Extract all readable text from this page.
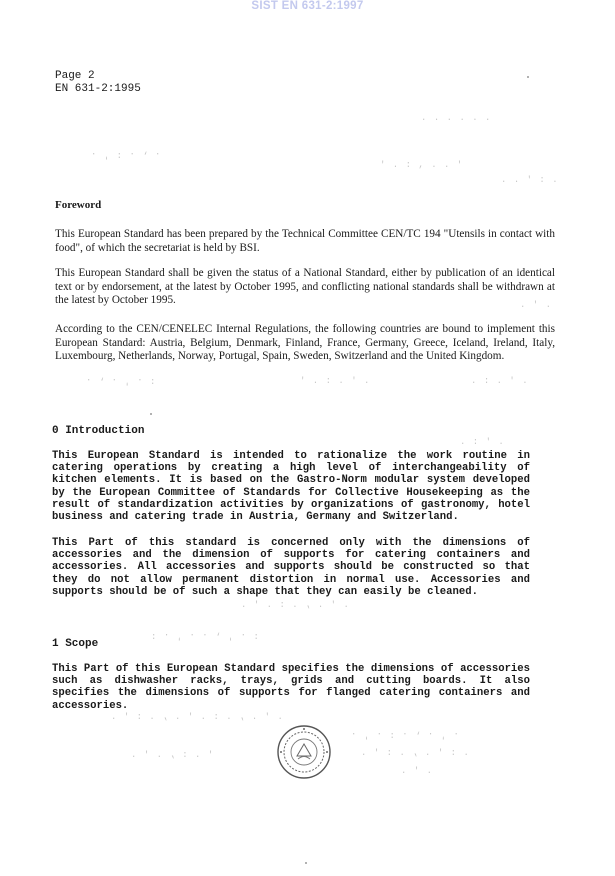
SIST EN 631-2:1997
Page 2
EN 631-2:1995
. . . . . .
. , . : ' .
' . : , . . '
. : ' . .
. ' .
: . ' . , .	' . : . ' .	. ' . : .
. : ' .
. ' . , . : . ' .
: . ' , . . ' . :
. ' . , . : . ' . , . : ' .
. ' . , . : . ' .
' . : , . ' .	. : ' . , . : ' .
. ' .
Foreword
This European Standard has been prepared by the Technical Committee CEN/TC 194 "Utensils in contact with food", of which the secretariat is held by BSI.
This European Standard shall be given the status of a National Standard, either by publication of an identical text or by endorsement, at the latest by October 1995, and conflicting national standards shall be withdrawn at the latest by October 1995.
According to the CEN/CENELEC Internal Regulations, the following countries are bound to implement this European Standard: Austria, Belgium, Denmark, Finland, France, Germany, Greece, Iceland, Ireland, Italy, Luxembourg, Netherlands, Norway, Portugal, Spain, Sweden, Switzerland and the United Kingdom.
0 Introduction
This European Standard is intended to rationalize the work routine in catering operations by creating a high level of interchangeability of kitchen elements. It is based on the Gastro-Norm modular system developed by the European Committee of Standards for Collective Housekeeping as the result of standardization activities by organizations of gastronomy, hotel business and catering trade in Austria, Germany and Switzerland.
This Part of this standard is concerned only with the dimensions of accessories and the dimension of supports for catering containers and accessories. All accessories and supports should be constructed so that they do not allow permanent distortion in normal use. Accessories and supports should be of such a shape that they can easily be cleaned.
1 Scope
This Part of this European Standard specifies the dimensions of accessories such as dishwasher racks, trays, grids and cutting boards. It also specifies the dimensions of supports for flanged catering containers and accessories.
